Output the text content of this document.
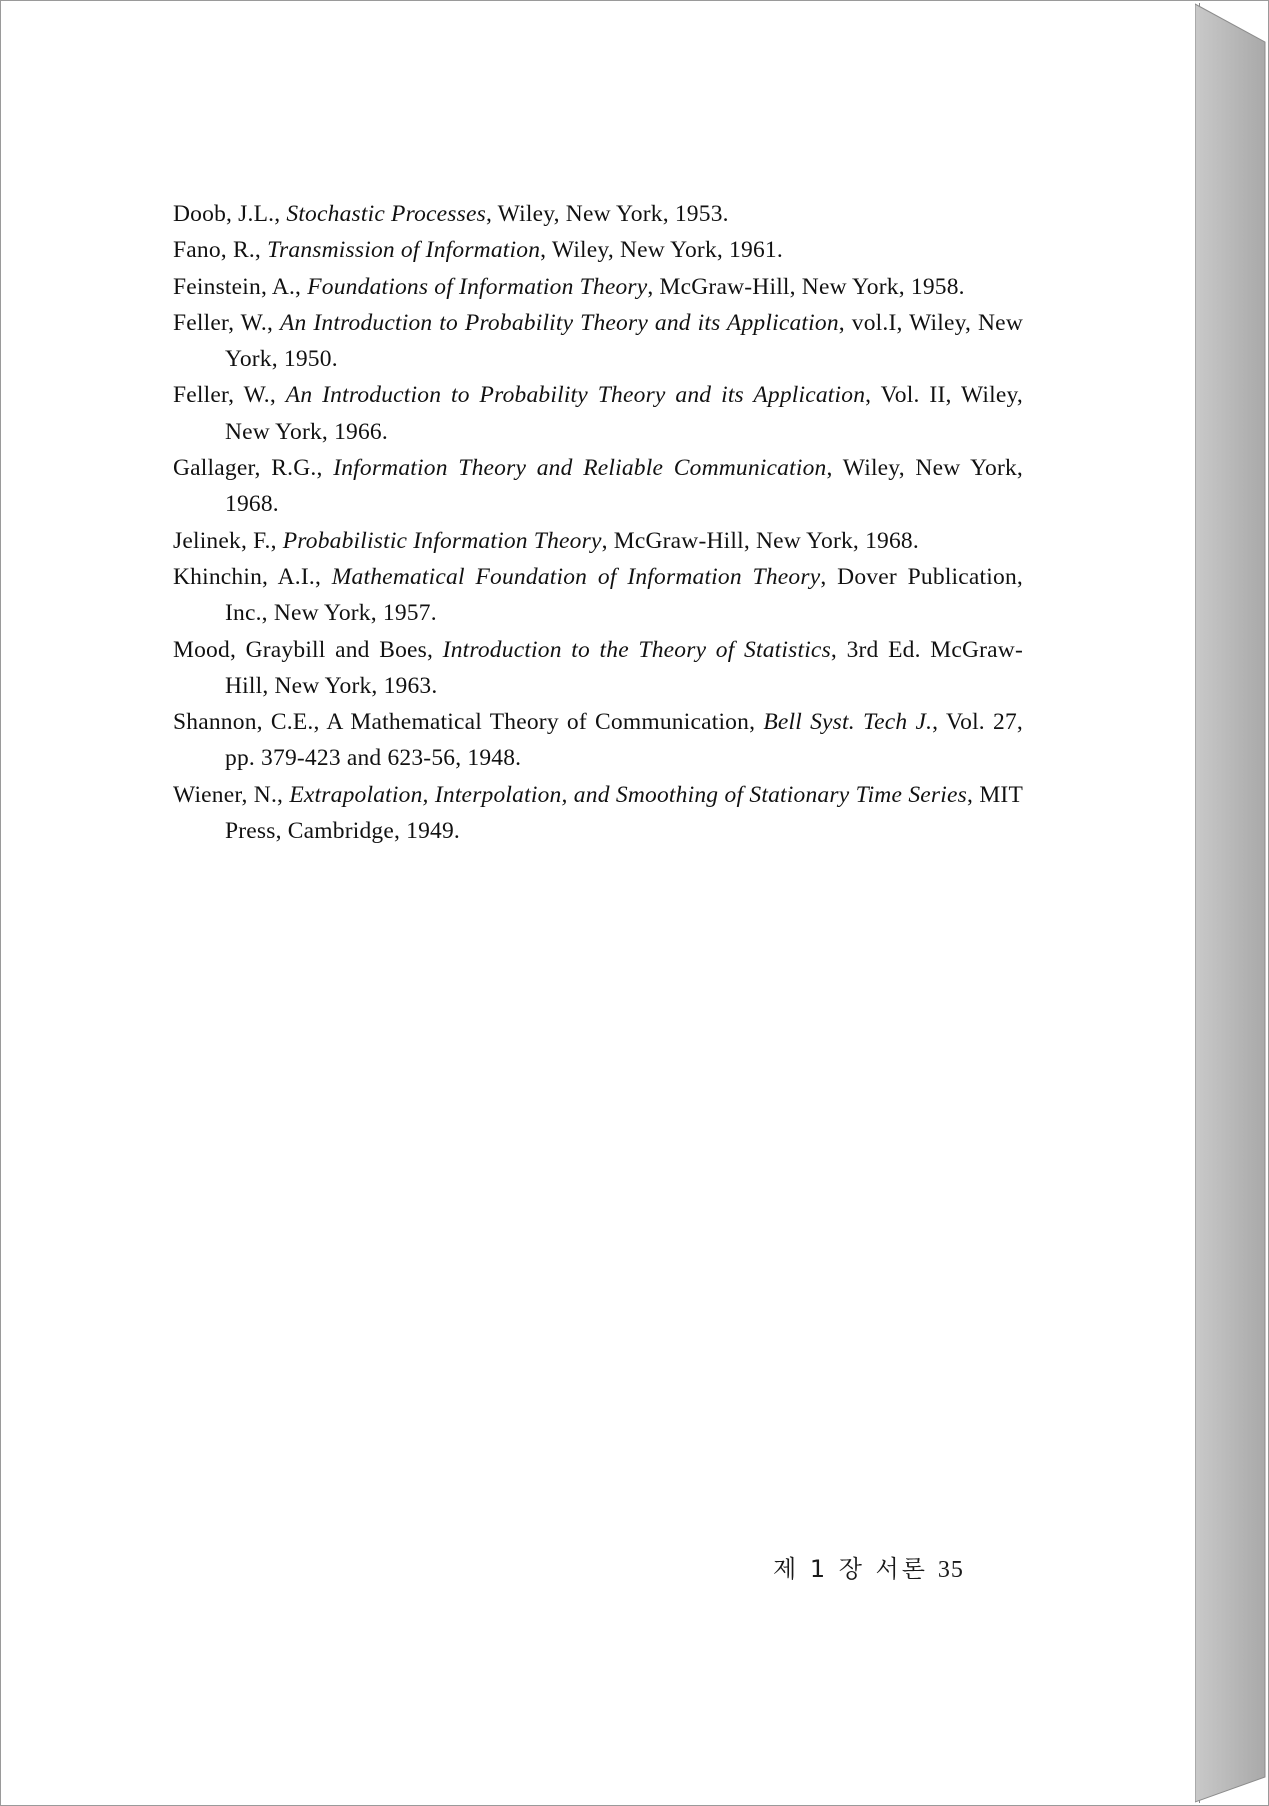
Doob, J.L., Stochastic Processes, Wiley, New York, 1953.
Fano, R., Transmission of Information, Wiley, New York, 1961.
Feinstein, A., Foundations of Information Theory, McGraw-Hill, New York, 1958.
Feller, W., An Introduction to Probability Theory and its Application, vol.I, Wiley, New York, 1950.
Feller, W., An Introduction to Probability Theory and its Application, Vol. II, Wiley, New York, 1966.
Gallager, R.G., Information Theory and Reliable Communication, Wiley, New York, 1968.
Jelinek, F., Probabilistic Information Theory, McGraw-Hill, New York, 1968.
Khinchin, A.I., Mathematical Foundation of Information Theory, Dover Publication, Inc., New York, 1957.
Mood, Graybill and Boes, Introduction to the Theory of Statistics, 3rd Ed. McGraw-Hill, New York, 1963.
Shannon, C.E., A Mathematical Theory of Communication, Bell Syst. Tech J., Vol. 27, pp. 379-423 and 623-56, 1948.
Wiener, N., Extrapolation, Interpolation, and Smoothing of Stationary Time Series, MIT Press, Cambridge, 1949.
제 1 장 서론 35
